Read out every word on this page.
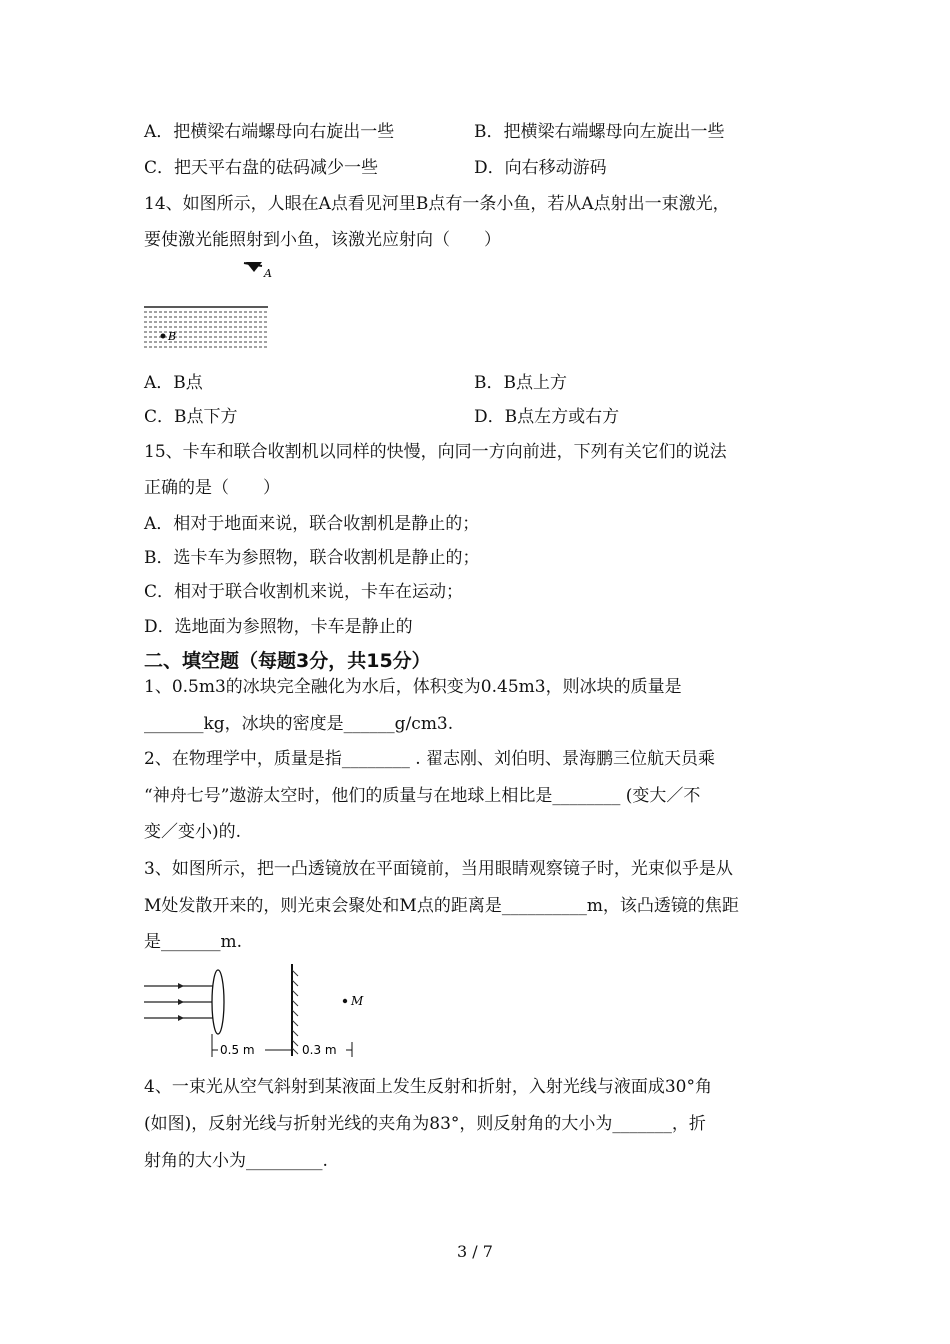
A．把横梁右端螺母向右旋出一些	B．把横梁右端螺母向左旋出一些
C．把天平右盘的砝码减少一些	D．向右移动游码
14、如图所示，人眼在A点看见河里B点有一条小鱼，若从A点射出一束激光，
要使激光能照射到小鱼，该激光应射向（　　）
A
B
A．B点	B．B点上方
C．B点下方	D．B点左方或右方
15、卡车和联合收割机以同样的快慢，向同一方向前进，下列有关它们的说法
正确的是（　　）
A．相对于地面来说，联合收割机是静止的；
B．选卡车为参照物，联合收割机是静止的；
C．相对于联合收割机来说，卡车在运动；
D．选地面为参照物，卡车是静止的
二、填空题（每题3分，共15分）
1、0.5m3的冰块完全融化为水后，体积变为0.45m3，则冰块的质量是
_______kg，冰块的密度是______g/cm3.
2、在物理学中，质量是指________ . 翟志刚、刘伯明、景海鹏三位航天员乘
“神舟七号”遨游太空时，他们的质量与在地球上相比是________ (变大／不
变／变小)的.
3、如图所示，把一凸透镜放在平面镜前，当用眼睛观察镜子时，光束似乎是从
M处发散开来的，则光束会聚处和M点的距离是__________m，该凸透镜的焦距
是_______m.
M
0.5 m	0.3 m
4、一束光从空气斜射到某液面上发生反射和折射，入射光线与液面成30°角
(如图)，反射光线与折射光线的夹角为83°，则反射角的大小为_______，折
射角的大小为_________.
3 / 7
